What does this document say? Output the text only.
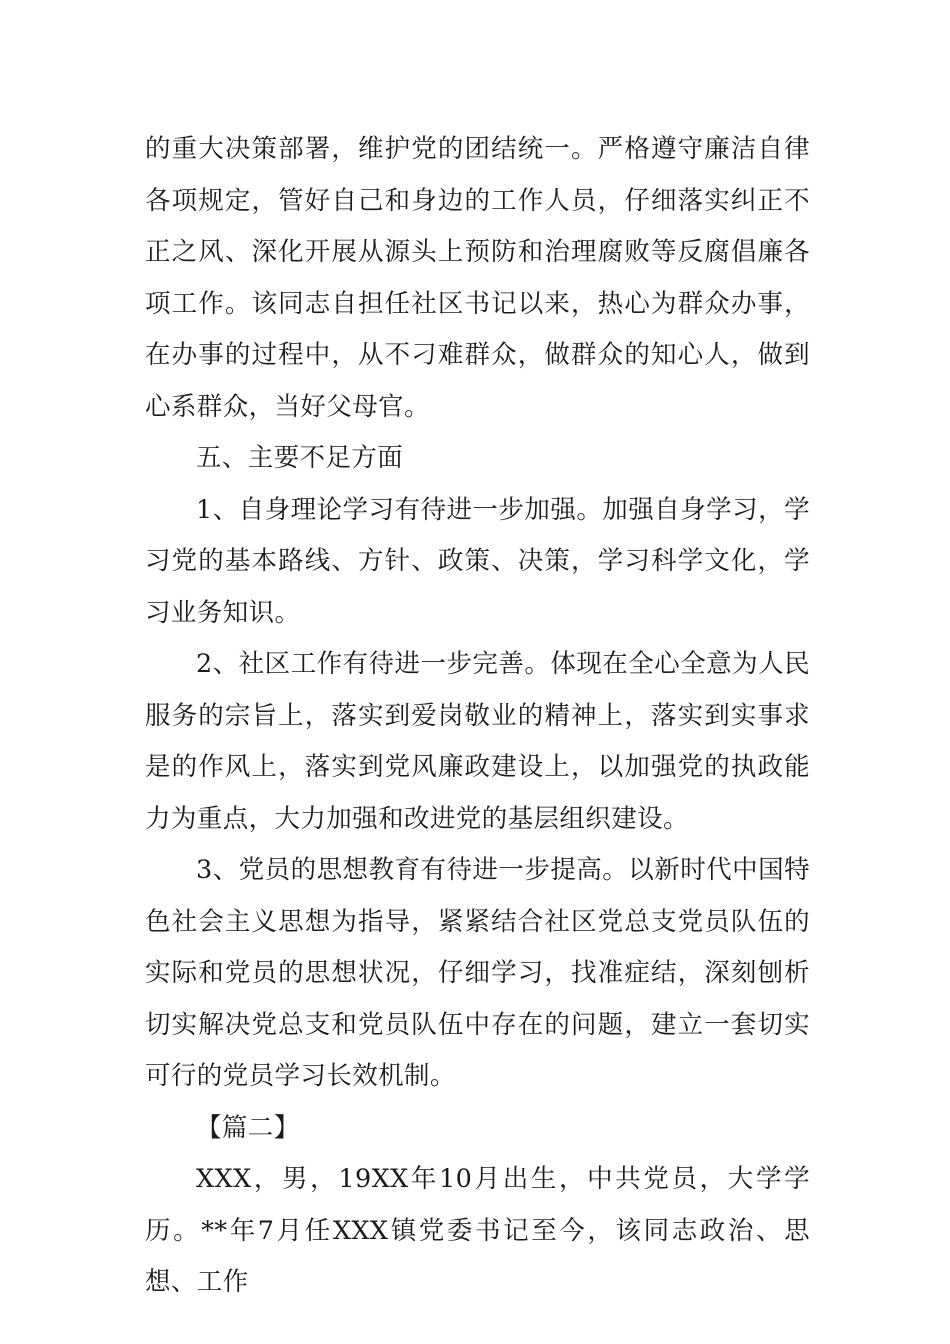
的重大决策部署，维护党的团结统一。严格遵守廉洁自律各项规定，管好自己和身边的工作人员，仔细落实纠正不正之风、深化开展从源头上预防和治理腐败等反腐倡廉各项工作。该同志自担任社区书记以来，热心为群众办事，在办事的过程中，从不刁难群众，做群众的知心人，做到心系群众，当好父母官。

五、主要不足方面

1、自身理论学习有待进一步加强。加强自身学习，学习党的基本路线、方针、政策、决策，学习科学文化，学习业务知识。

2、社区工作有待进一步完善。体现在全心全意为人民服务的宗旨上，落实到爱岗敬业的精神上，落实到实事求是的作风上，落实到党风廉政建设上，以加强党的执政能力为重点，大力加强和改进党的基层组织建设。

3、党员的思想教育有待进一步提高。以新时代中国特色社会主义思想为指导，紧紧结合社区党总支党员队伍的实际和党员的思想状况，仔细学习，找准症结，深刻刨析切实解决党总支和党员队伍中存在的问题，建立一套切实可行的党员学习长效机制。

【篇二】

XXX，男，19XX年10月出生，中共党员，大学学历。**年7月任XXX镇党委书记至今，该同志政治、思想、工作
